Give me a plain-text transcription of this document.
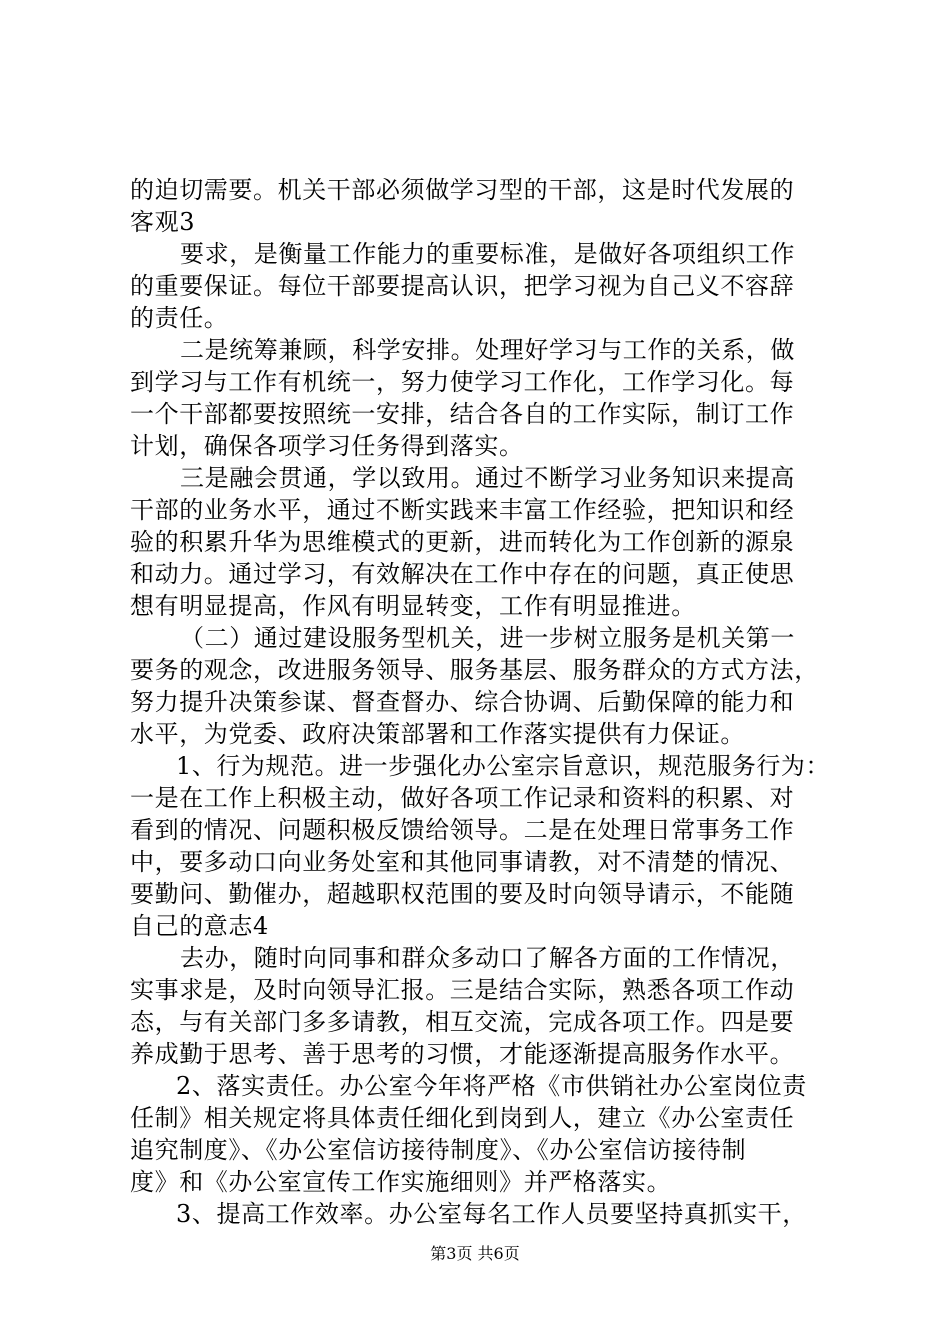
的迫切需要。机关干部必须做学习型的干部，这是时代发展的
客观3
要求，是衡量工作能力的重要标准，是做好各项组织工作
的重要保证。每位干部要提高认识，把学习视为自己义不容辞
的责任。
二是统筹兼顾，科学安排。处理好学习与工作的关系，做
到学习与工作有机统一，努力使学习工作化，工作学习化。每
一个干部都要按照统一安排，结合各自的工作实际，制订工作
计划，确保各项学习任务得到落实。
三是融会贯通，学以致用。通过不断学习业务知识来提高
干部的业务水平，通过不断实践来丰富工作经验，把知识和经
验的积累升华为思维模式的更新，进而转化为工作创新的源泉
和动力。通过学习，有效解决在工作中存在的问题，真正使思
想有明显提高，作风有明显转变，工作有明显推进。
（二）通过建设服务型机关，进一步树立服务是机关第一
要务的观念，改进服务领导、服务基层、服务群众的方式方法，
努力提升决策参谋、督查督办、综合协调、后勤保障的能力和
水平，为党委、政府决策部署和工作落实提供有力保证。
1、行为规范。进一步强化办公室宗旨意识，规范服务行为：
一是在工作上积极主动，做好各项工作记录和资料的积累、对
看到的情况、问题积极反馈给领导。二是在处理日常事务工作
中，要多动口向业务处室和其他同事请教，对不清楚的情况、
要勤问、勤催办，超越职权范围的要及时向领导请示，不能随
自己的意志4
去办，随时向同事和群众多动口了解各方面的工作情况，
实事求是，及时向领导汇报。三是结合实际，熟悉各项工作动
态，与有关部门多多请教，相互交流，完成各项工作。四是要
养成勤于思考、善于思考的习惯，才能逐渐提高服务作水平。
2、落实责任。办公室今年将严格《市供销社办公室岗位责
任制》相关规定将具体责任细化到岗到人，建立《办公室责任
追究制度》、《办公室信访接待制度》、《办公室信访接待制
度》和《办公室宣传工作实施细则》并严格落实。
3、提高工作效率。办公室每名工作人员要坚持真抓实干，
第3页 共6页
